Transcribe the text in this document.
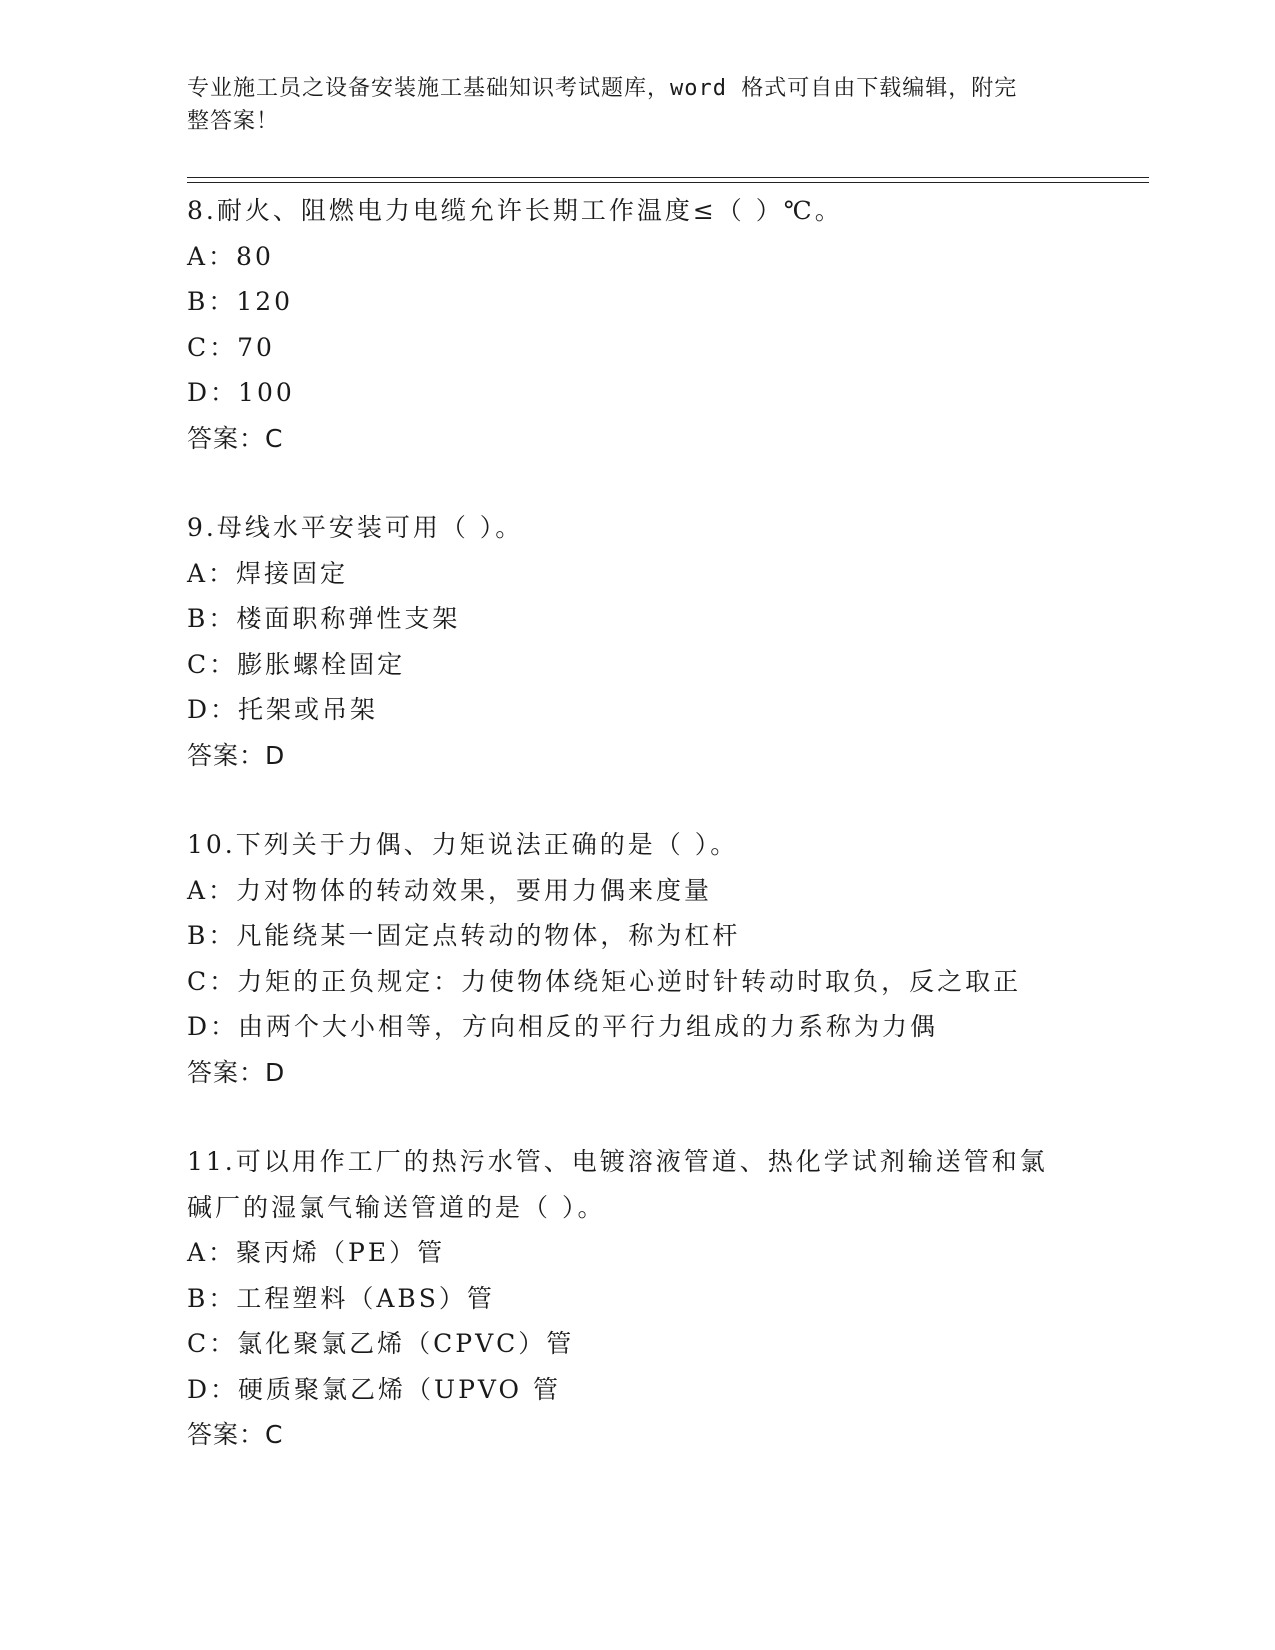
专业施工员之设备安装施工基础知识考试题库，word 格式可自由下载编辑，附完
整答案！
8.耐火、阻燃电力电缆允许长期工作温度≤（ ）℃。
A：80
B：120
C：70
D：100
答案：C
9.母线水平安装可用（ ）。
A：焊接固定
B：楼面职称弹性支架
C：膨胀螺栓固定
D：托架或吊架
答案：D
10.下列关于力偶、力矩说法正确的是（ ）。
A：力对物体的转动效果，要用力偶来度量
B：凡能绕某一固定点转动的物体，称为杠杆
C：力矩的正负规定：力使物体绕矩心逆时针转动时取负，反之取正
D：由两个大小相等，方向相反的平行力组成的力系称为力偶
答案：D
11.可以用作工厂的热污水管、电镀溶液管道、热化学试剂输送管和氯
碱厂的湿氯气输送管道的是（ ）。
A：聚丙烯（PE）管
B：工程塑料（ABS）管
C：氯化聚氯乙烯（CPVC）管
D：硬质聚氯乙烯（UPVO 管
答案：C
